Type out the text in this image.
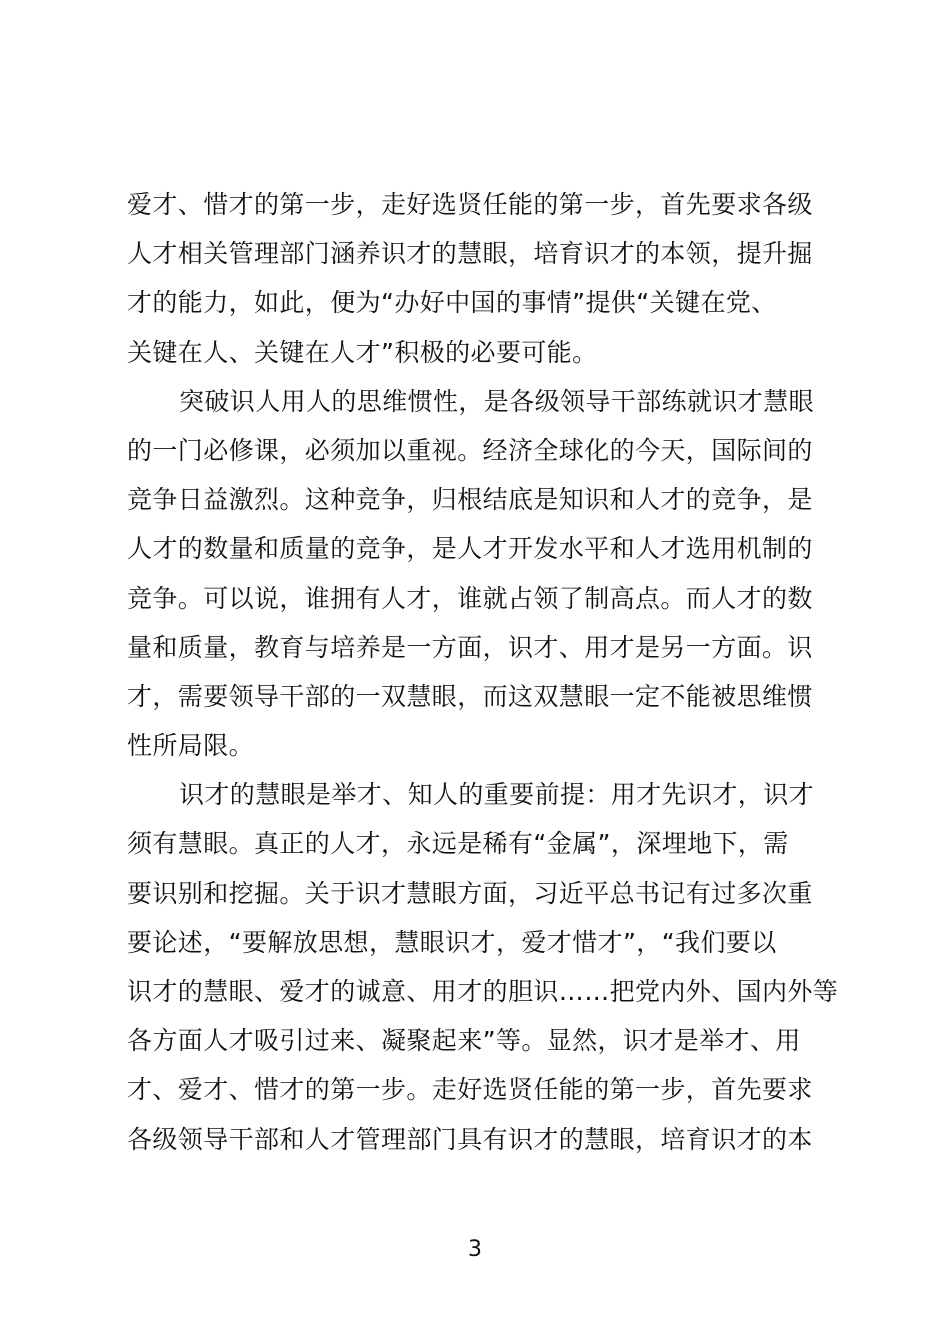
爱才、惜才的第一步，走好选贤任能的第一步，首先要求各级
人才相关管理部门涵养识才的慧眼，培育识才的本领，提升掘
才的能力，如此，便为“办好中国的事情”提供“关键在党、
关键在人、关键在人才”积极的必要可能。
突破识人用人的思维惯性，是各级领导干部练就识才慧眼
的一门必修课，必须加以重视。经济全球化的今天，国际间的
竞争日益激烈。这种竞争，归根结底是知识和人才的竞争，是
人才的数量和质量的竞争，是人才开发水平和人才选用机制的
竞争。可以说，谁拥有人才，谁就占领了制高点。而人才的数
量和质量，教育与培养是一方面，识才、用才是另一方面。识
才，需要领导干部的一双慧眼，而这双慧眼一定不能被思维惯
性所局限。
识才的慧眼是举才、知人的重要前提：用才先识才，识才
须有慧眼。真正的人才，永远是稀有“金属”，深埋地下，需
要识别和挖掘。关于识才慧眼方面，习近平总书记有过多次重
要论述，“要解放思想，慧眼识才，爱才惜才”，“我们要以
识才的慧眼、爱才的诚意、用才的胆识……把党内外、国内外等
各方面人才吸引过来、凝聚起来”等。显然，识才是举才、用
才、爱才、惜才的第一步。走好选贤任能的第一步，首先要求
各级领导干部和人才管理部门具有识才的慧眼，培育识才的本
3
